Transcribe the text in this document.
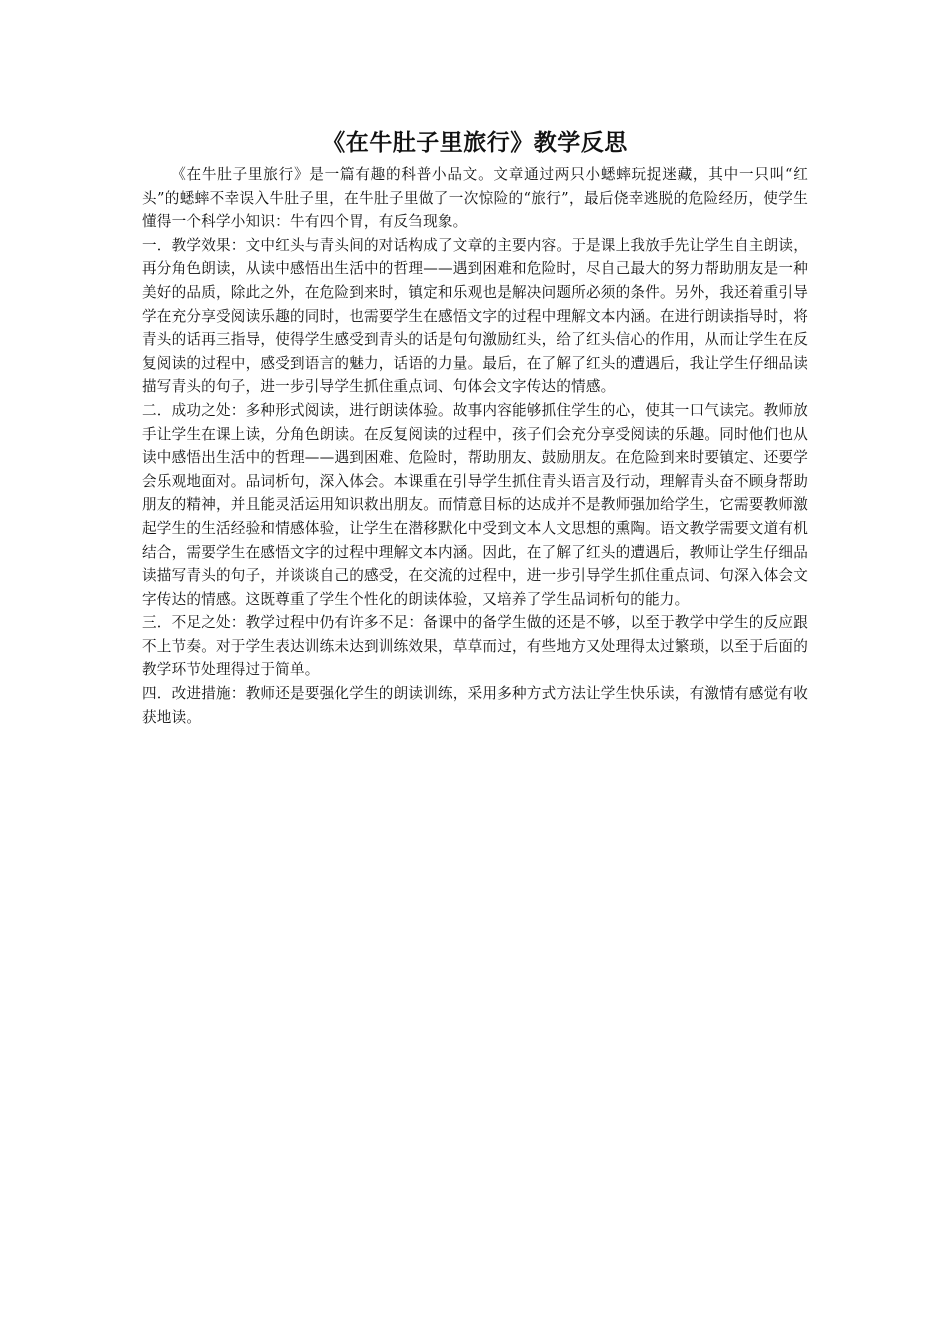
《在牛肚子里旅行》教学反思

《在牛肚子里旅行》是一篇有趣的科普小品文。文章通过两只小蟋蟀玩捉迷藏，其中一只叫“红头”的蟋蟀不幸误入牛肚子里，在牛肚子里做了一次惊险的“旅行”，最后侥幸逃脱的危险经历，使学生懂得一个科学小知识：牛有四个胃，有反刍现象。

一．教学效果：文中红头与青头间的对话构成了文章的主要内容。于是课上我放手先让学生自主朗读，再分角色朗读，从读中感悟出生活中的哲理——遇到困难和危险时，尽自己最大的努力帮助朋友是一种美好的品质，除此之外，在危险到来时，镇定和乐观也是解决问题所必须的条件。另外，我还着重引导学在充分享受阅读乐趣的同时，也需要学生在感悟文字的过程中理解文本内涵。在进行朗读指导时，将青头的话再三指导，使得学生感受到青头的话是句句激励红头，给了红头信心的作用，从而让学生在反复阅读的过程中，感受到语言的魅力，话语的力量。最后，在了解了红头的遭遇后，我让学生仔细品读描写青头的句子，进一步引导学生抓住重点词、句体会文字传达的情感。

二．成功之处：多种形式阅读，进行朗读体验。故事内容能够抓住学生的心，使其一口气读完。教师放手让学生在课上读，分角色朗读。在反复阅读的过程中，孩子们会充分享受阅读的乐趣。同时他们也从读中感悟出生活中的哲理——遇到困难、危险时，帮助朋友、鼓励朋友。在危险到来时要镇定、还要学会乐观地面对。品词析句，深入体会。本课重在引导学生抓住青头语言及行动，理解青头奋不顾身帮助朋友的精神，并且能灵活运用知识救出朋友。而情意目标的达成并不是教师强加给学生，它需要教师激起学生的生活经验和情感体验，让学生在潜移默化中受到文本人文思想的熏陶。语文教学需要文道有机结合，需要学生在感悟文字的过程中理解文本内涵。因此，在了解了红头的遭遇后，教师让学生仔细品读描写青头的句子，并谈谈自己的感受，在交流的过程中，进一步引导学生抓住重点词、句深入体会文字传达的情感。这既尊重了学生个性化的朗读体验，又培养了学生品词析句的能力。

三．不足之处：教学过程中仍有许多不足：备课中的备学生做的还是不够，以至于教学中学生的反应跟不上节奏。对于学生表达训练未达到训练效果，草草而过，有些地方又处理得太过繁琐，以至于后面的教学环节处理得过于简单。

四．改进措施：教师还是要强化学生的朗读训练，采用多种方式方法让学生快乐读，有激情有感觉有收获地读。
